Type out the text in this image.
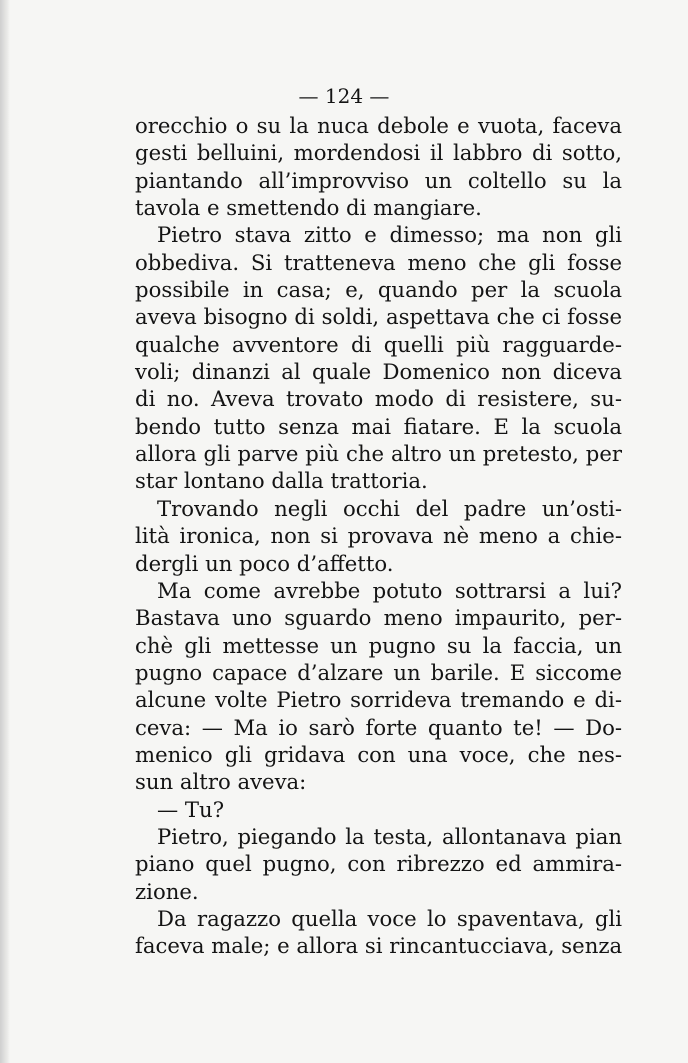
— 124 —

orecchio o su la nuca debole e vuota, faceva
gesti belluini, mordendosi il labbro di sotto,
piantando all’improvviso un coltello su la
tavola e smettendo di mangiare.
Pietro stava zitto e dimesso; ma non gli
obbediva. Si tratteneva meno che gli fosse
possibile in casa; e, quando per la scuola
aveva bisogno di soldi, aspettava che ci fosse
qualche avventore di quelli più ragguarde-
voli; dinanzi al quale Domenico non diceva
di no. Aveva trovato modo di resistere, su-
bendo tutto senza mai fiatare. E la scuola
allora gli parve più che altro un pretesto, per
star lontano dalla trattoria.
Trovando negli occhi del padre un’osti-
lità ironica, non si provava nè meno a chie-
dergli un poco d’affetto.
Ma come avrebbe potuto sottrarsi a lui?
Bastava uno sguardo meno impaurito, per-
chè gli mettesse un pugno su la faccia, un
pugno capace d’alzare un barile. E siccome
alcune volte Pietro sorrideva tremando e di-
ceva: — Ma io sarò forte quanto te! — Do-
menico gli gridava con una voce, che nes-
sun altro aveva:
— Tu?
Pietro, piegando la testa, allontanava pian
piano quel pugno, con ribrezzo ed ammira-
zione.
Da ragazzo quella voce lo spaventava, gli
faceva male; e allora si rincantucciava, senza
